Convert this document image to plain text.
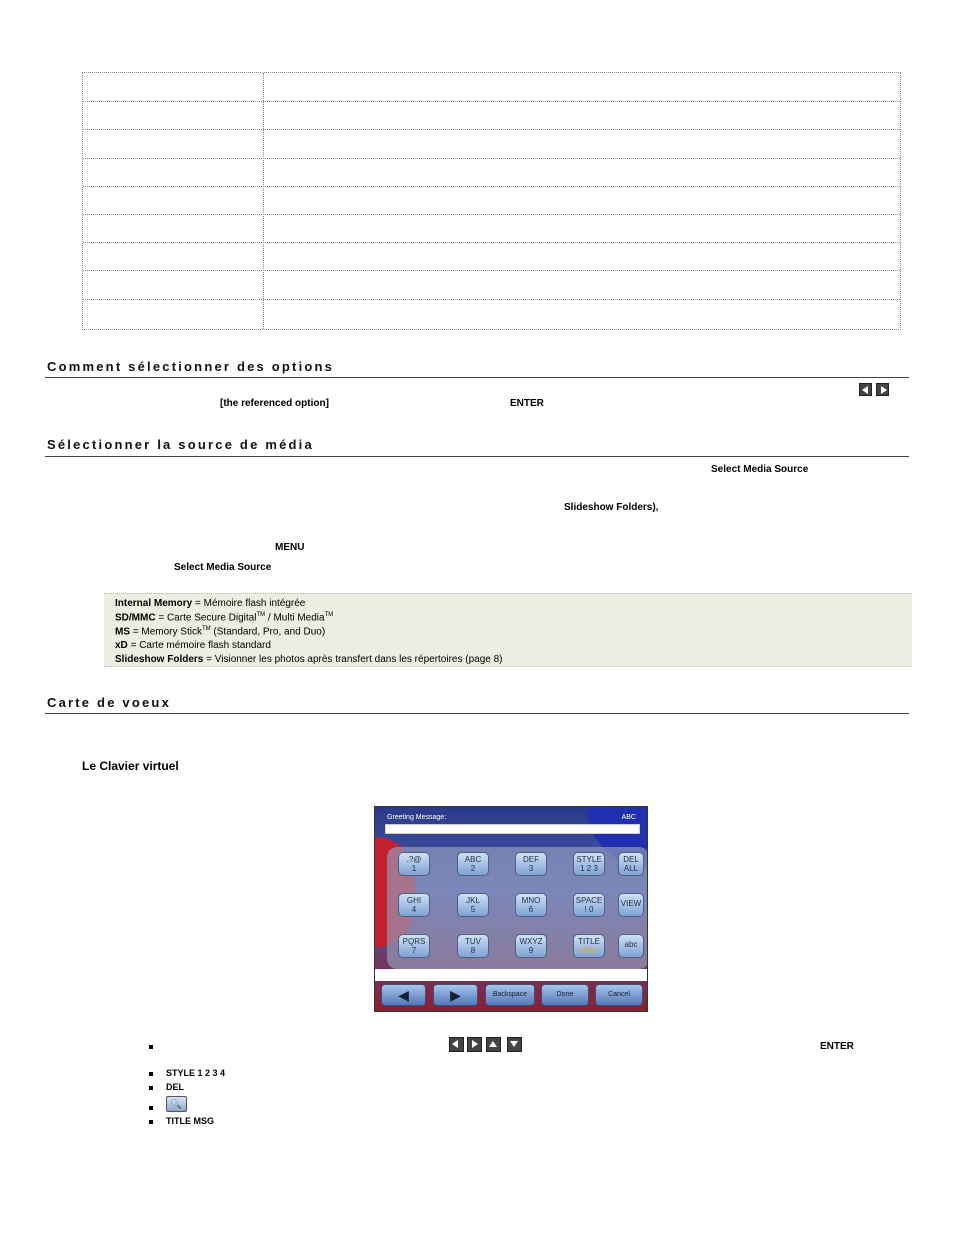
Comment sélectionner des options
[the referenced option]	ENTER
Sélectionner la source de média
Select Media Source
Slideshow Folders),
MENU
Select Media Source
Internal Memory = Mémoire flash intégrée
SD/MMC = Carte Secure Digital™ / Multi Media™
MS = Memory Stick™ (Standard, Pro, and Duo)
xD = Carte mémoire flash standard
Slideshow Folders = Visionner les photos après transfert dans les répertoires (page 8)
Carte de voeux
Le Clavier virtuel
Greeting Message:	ABC
.?@
1
ABC
2
DEF
3
STYLE
1 2 3
DEL
ALL
GHI
4
JKL
5
MNO
6
SPACE
! 0
VIEW
PQRS
7
TUV
8
WXYZ
9
TITLE
MSG
abc
◀	▶	Backspace	Done	Cancel
ENTER
STYLE 1 2 3 4
DEL
🔍
TITLE MSG
